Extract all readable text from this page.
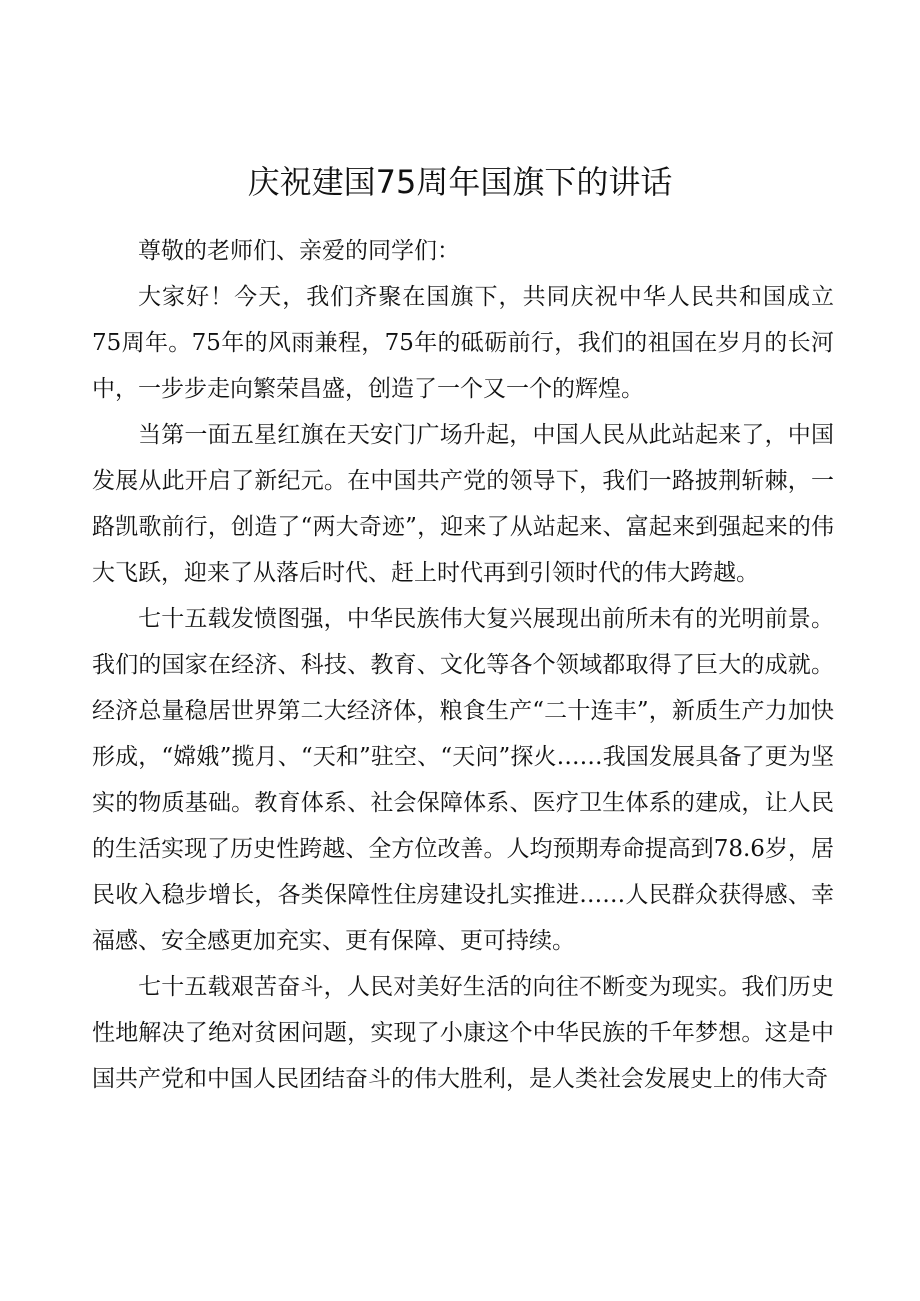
庆祝建国75周年国旗下的讲话

尊敬的老师们、亲爱的同学们：

大家好！今天，我们齐聚在国旗下，共同庆祝中华人民共和国成立75周年。75年的风雨兼程，75年的砥砺前行，我们的祖国在岁月的长河中，一步步走向繁荣昌盛，创造了一个又一个的辉煌。

当第一面五星红旗在天安门广场升起，中国人民从此站起来了，中国发展从此开启了新纪元。在中国共产党的领导下，我们一路披荆斩棘，一路凯歌前行，创造了“两大奇迹”，迎来了从站起来、富起来到强起来的伟大飞跃，迎来了从落后时代、赶上时代再到引领时代的伟大跨越。

七十五载发愤图强，中华民族伟大复兴展现出前所未有的光明前景。我们的国家在经济、科技、教育、文化等各个领域都取得了巨大的成就。经济总量稳居世界第二大经济体，粮食生产“二十连丰”，新质生产力加快形成，“嫦娥”揽月、“天和”驻空、“天问”探火……我国发展具备了更为坚实的物质基础。教育体系、社会保障体系、医疗卫生体系的建成，让人民的生活实现了历史性跨越、全方位改善。人均预期寿命提高到78.6岁，居民收入稳步增长，各类保障性住房建设扎实推进……人民群众获得感、幸福感、安全感更加充实、更有保障、更可持续。

七十五载艰苦奋斗，人民对美好生活的向往不断变为现实。我们历史性地解决了绝对贫困问题，实现了小康这个中华民族的千年梦想。这是中国共产党和中国人民团结奋斗的伟大胜利，是人类社会发展史上的伟大奇
